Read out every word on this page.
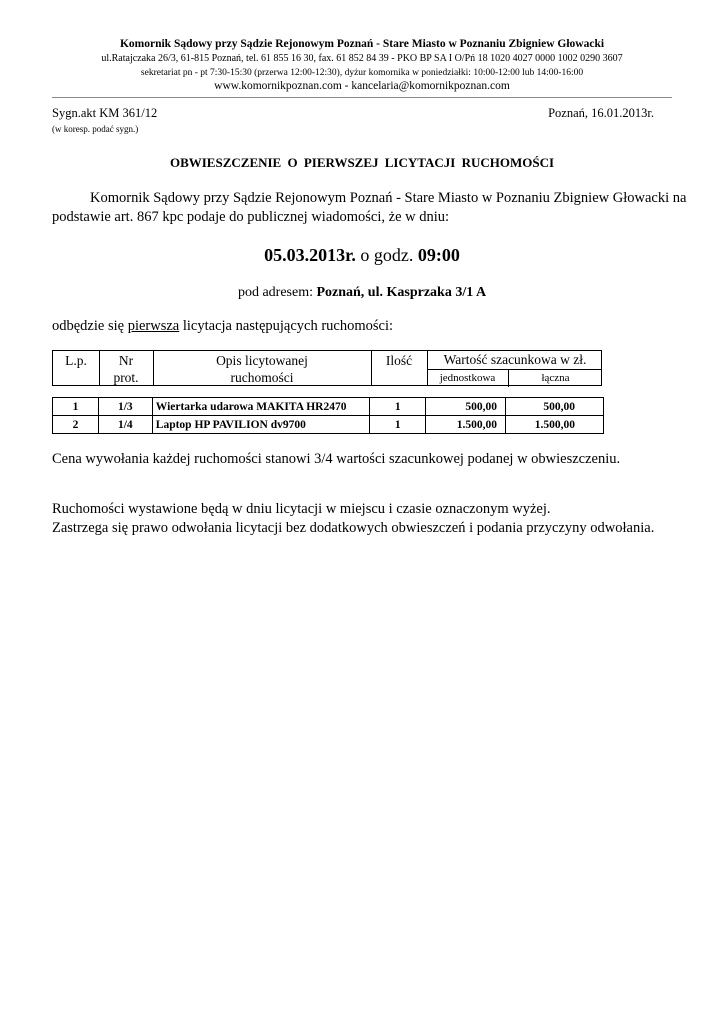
Komornik Sądowy przy Sądzie Rejonowym Poznań - Stare Miasto w Poznaniu Zbigniew Głowacki
ul.Ratajczaka 26/3, 61-815 Poznań, tel. 61 855 16 30, fax. 61 852 84 39 - PKO BP SA I O/Pń 18 1020 4027 0000 1002 0290 3607
sekretariat pn - pt 7:30-15:30 (przerwa 12:00-12:30), dyżur komornika w poniedziałki: 10:00-12:00 lub 14:00-16:00
www.komornikpoznan.com - kancelaria@komornikpoznan.com
Sygn.akt KM 361/12	Poznań, 16.01.2013r.
(w koresp. podać sygn.)
OBWIESZCZENIE O PIERWSZEJ LICYTACJI RUCHOMOŚCI
Komornik Sądowy przy Sądzie Rejonowym Poznań - Stare Miasto w Poznaniu Zbigniew Głowacki na podstawie art. 867 kpc podaje do publicznej wiadomości, że w dniu:
05.03.2013r. o godz. 09:00
pod adresem: Poznań, ul. Kasprzaka 3/1 A
odbędzie się pierwsza licytacja następujących ruchomości:
L.p.	Nr
prot.
Opis licytowanej
ruchomości
Ilość	Wartość szacunkowa w zł.
jednostkowa	łączna
1	1/3	Wiertarka udarowa MAKITA HR2470	1	500,00	500,00
2	1/4	Laptop HP PAVILION dv9700	1	1.500,00	1.500,00
Cena wywołania każdej ruchomości stanowi 3/4 wartości szacunkowej podanej w obwieszczeniu.
Ruchomości wystawione będą w dniu licytacji w miejscu i czasie oznaczonym wyżej.
Zastrzega się prawo odwołania licytacji bez dodatkowych obwieszczeń i podania przyczyny odwołania.
